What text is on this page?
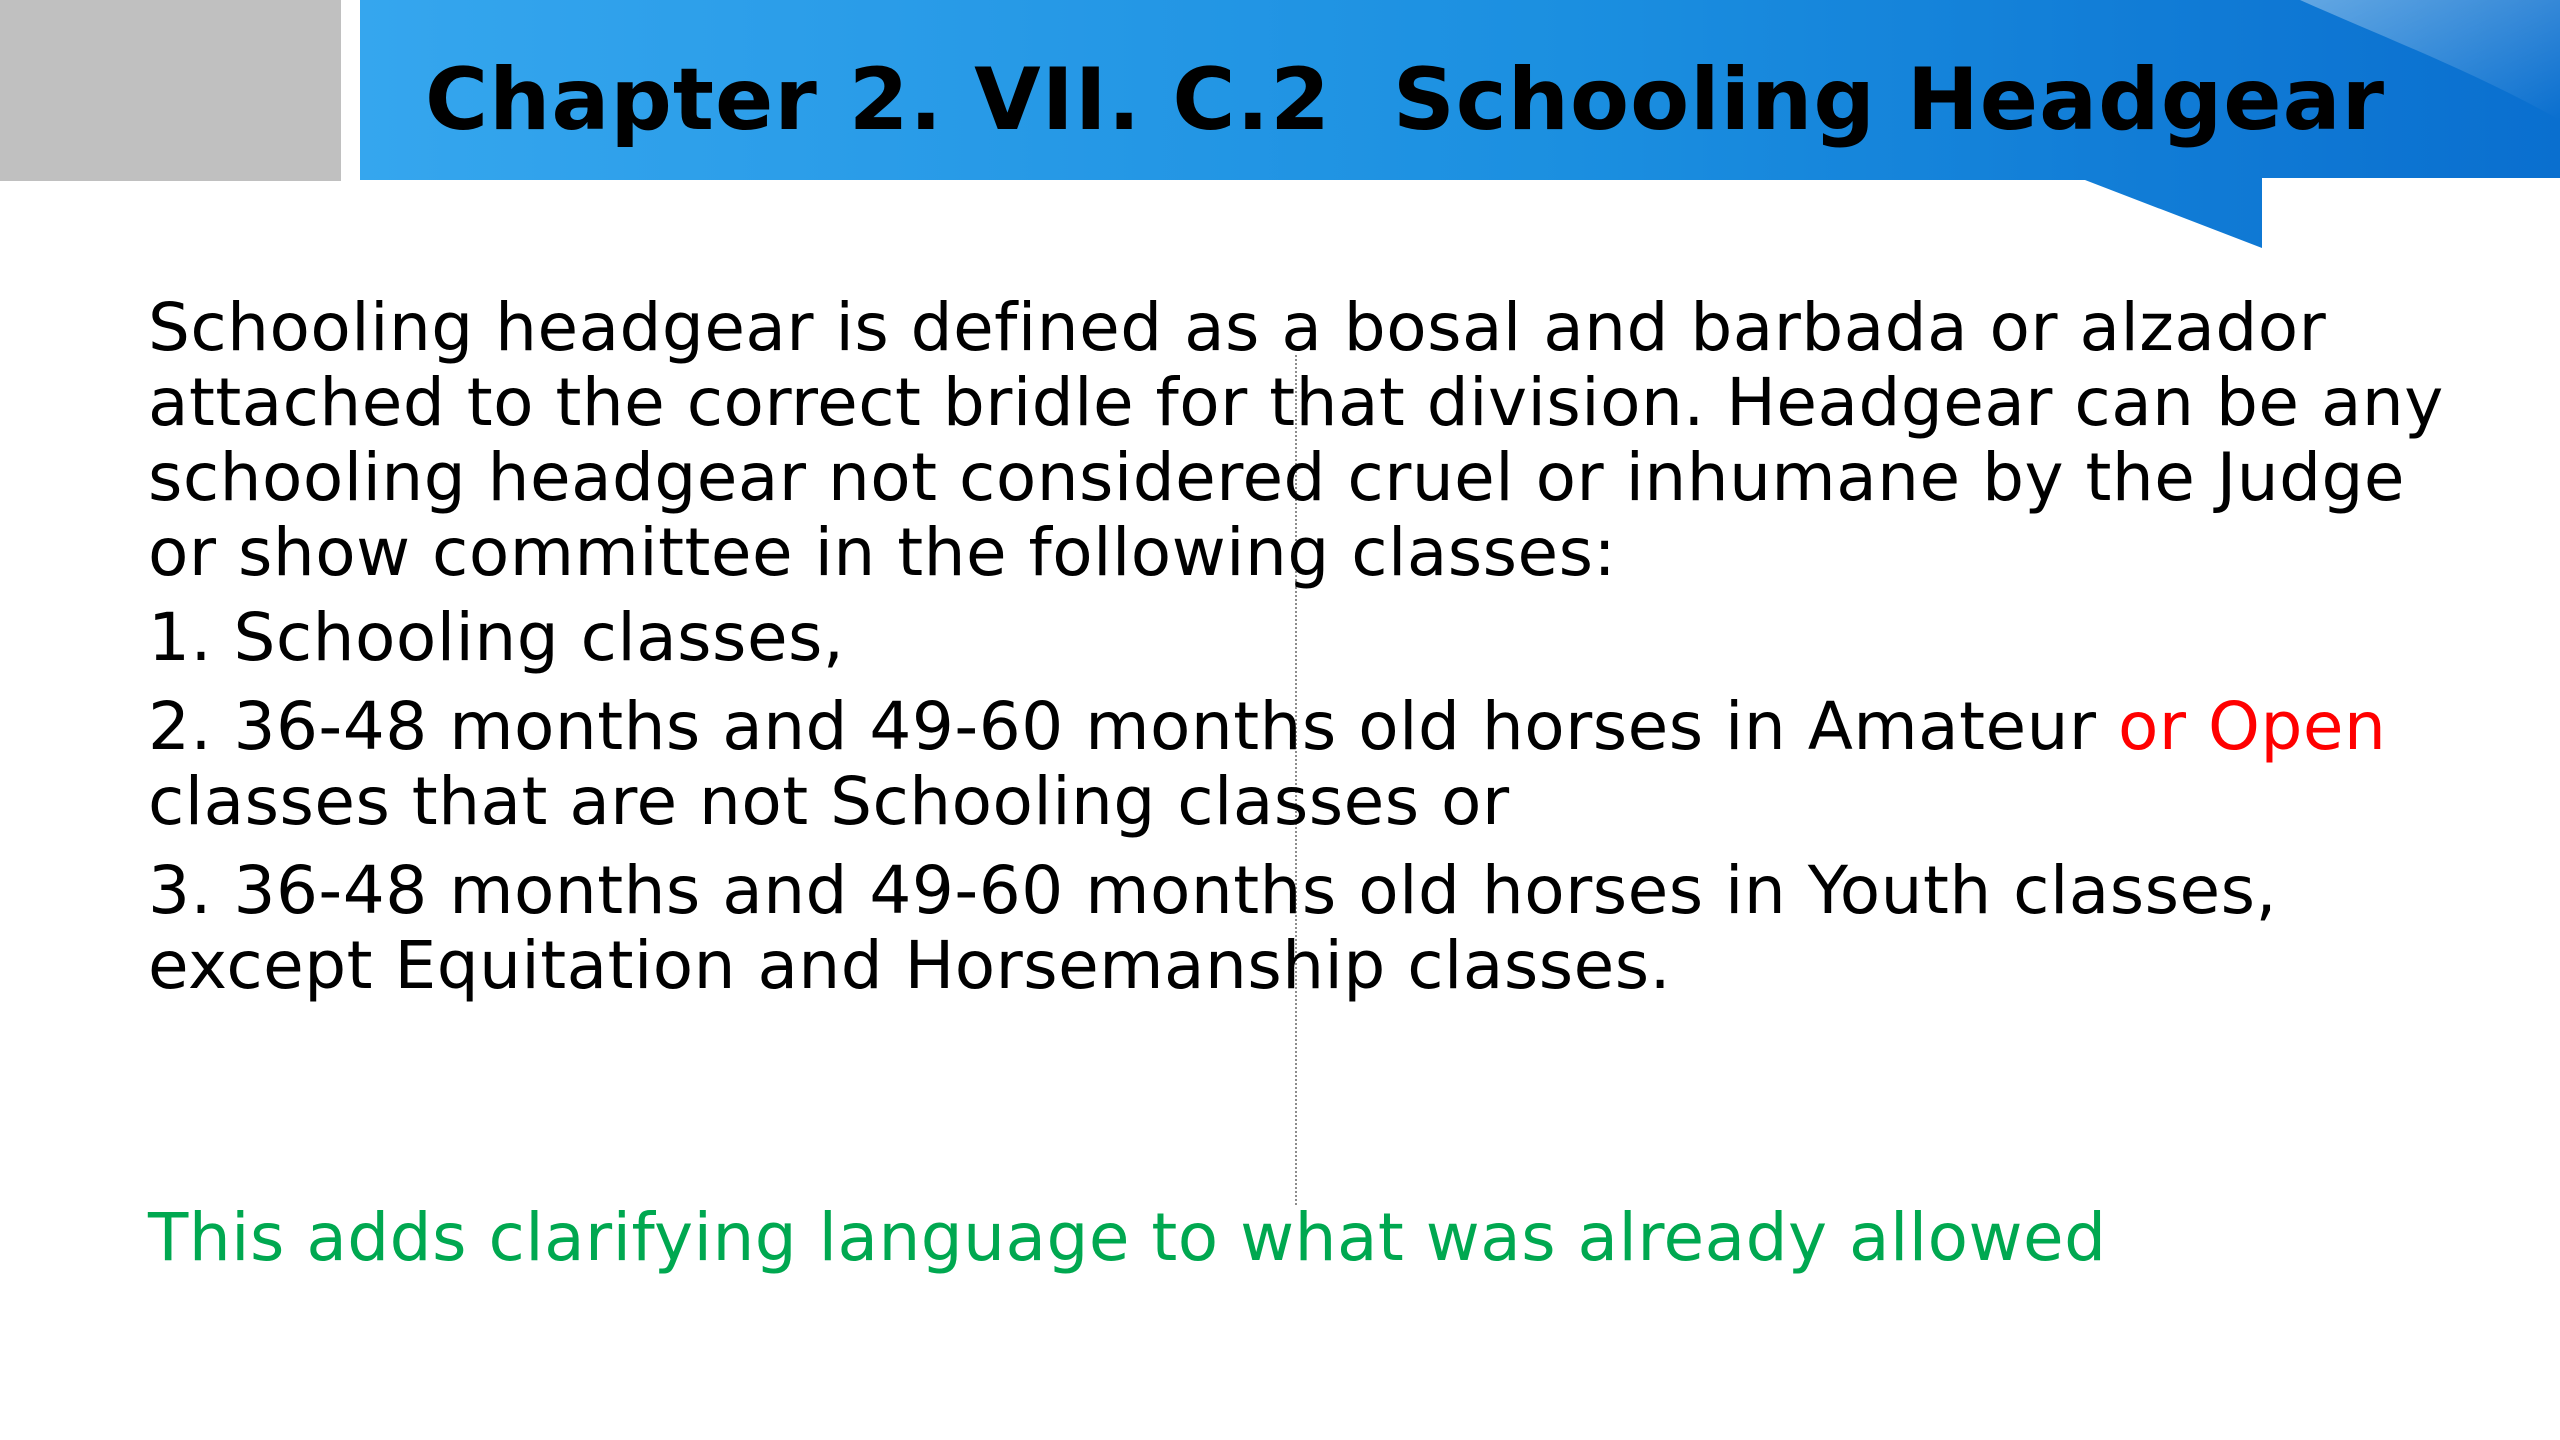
Chapter 2. VII. C.2  Schooling Headgear

Schooling headgear is defined as a bosal and barbada or alzador attached to the correct bridle for that division. Headgear can be any schooling headgear not considered cruel or inhumane by the Judge or show committee in the following classes:

1. Schooling classes,

2. 36-48 months and 49-60 months old horses in Amateur or Open classes that are not Schooling classes or

3. 36-48 months and 49-60 months old horses in Youth classes, except Equitation and Horsemanship classes.

This adds clarifying language to what was already allowed
